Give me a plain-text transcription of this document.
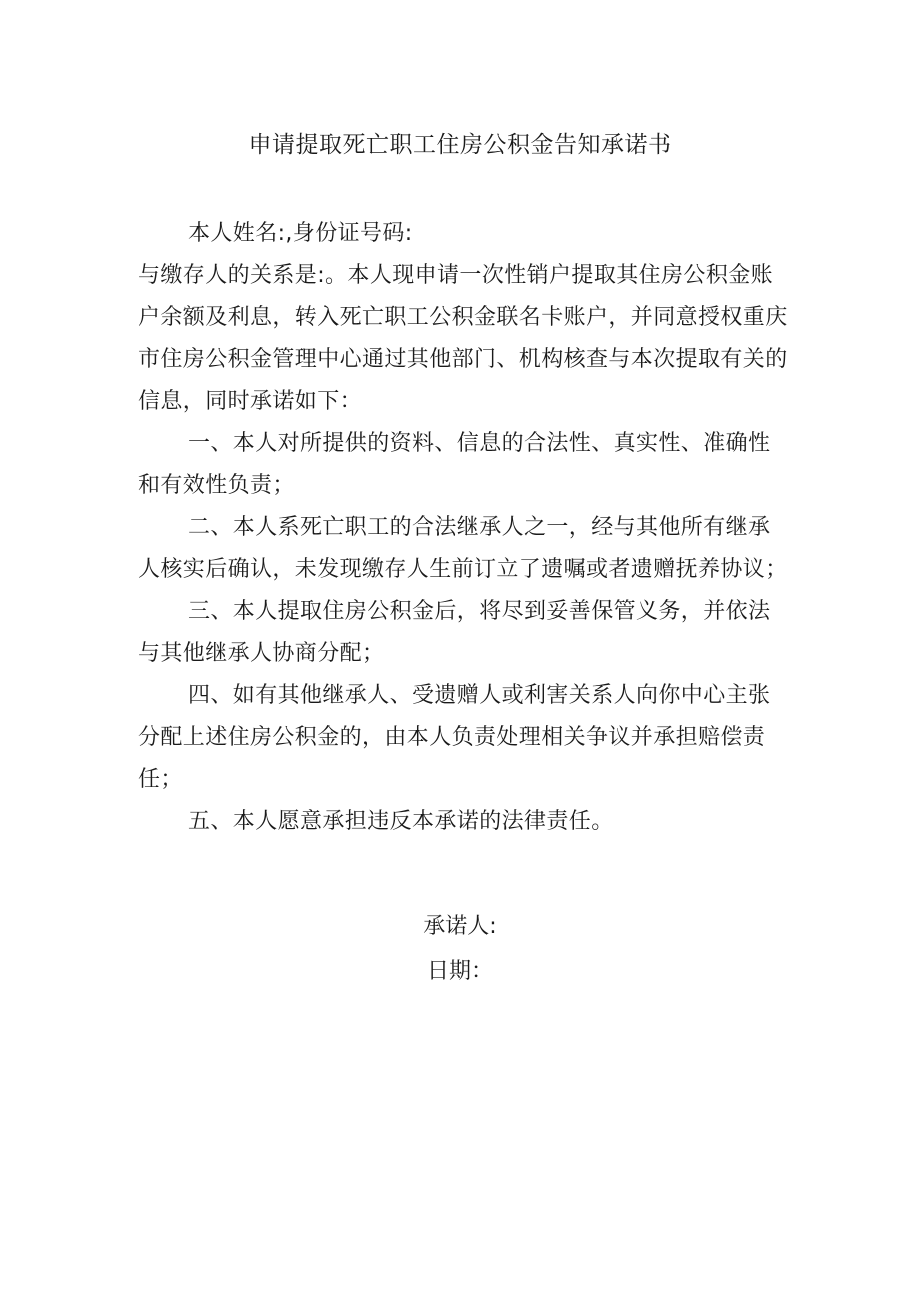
申请提取死亡职工住房公积金告知承诺书

本人姓名:,身份证号码:

与缴存人的关系是:。本人现申请一次性销户提取其住房公积金账户余额及利息，转入死亡职工公积金联名卡账户，并同意授权重庆市住房公积金管理中心通过其他部门、机构核查与本次提取有关的信息，同时承诺如下：

一、本人对所提供的资料、信息的合法性、真实性、准确性和有效性负责；

二、本人系死亡职工的合法继承人之一，经与其他所有继承人核实后确认，未发现缴存人生前订立了遗嘱或者遗赠抚养协议；

三、本人提取住房公积金后，将尽到妥善保管义务，并依法与其他继承人协商分配；

四、如有其他继承人、受遗赠人或利害关系人向你中心主张分配上述住房公积金的，由本人负责处理相关争议并承担赔偿责任；

五、本人愿意承担违反本承诺的法律责任。

承诺人:
日期：
